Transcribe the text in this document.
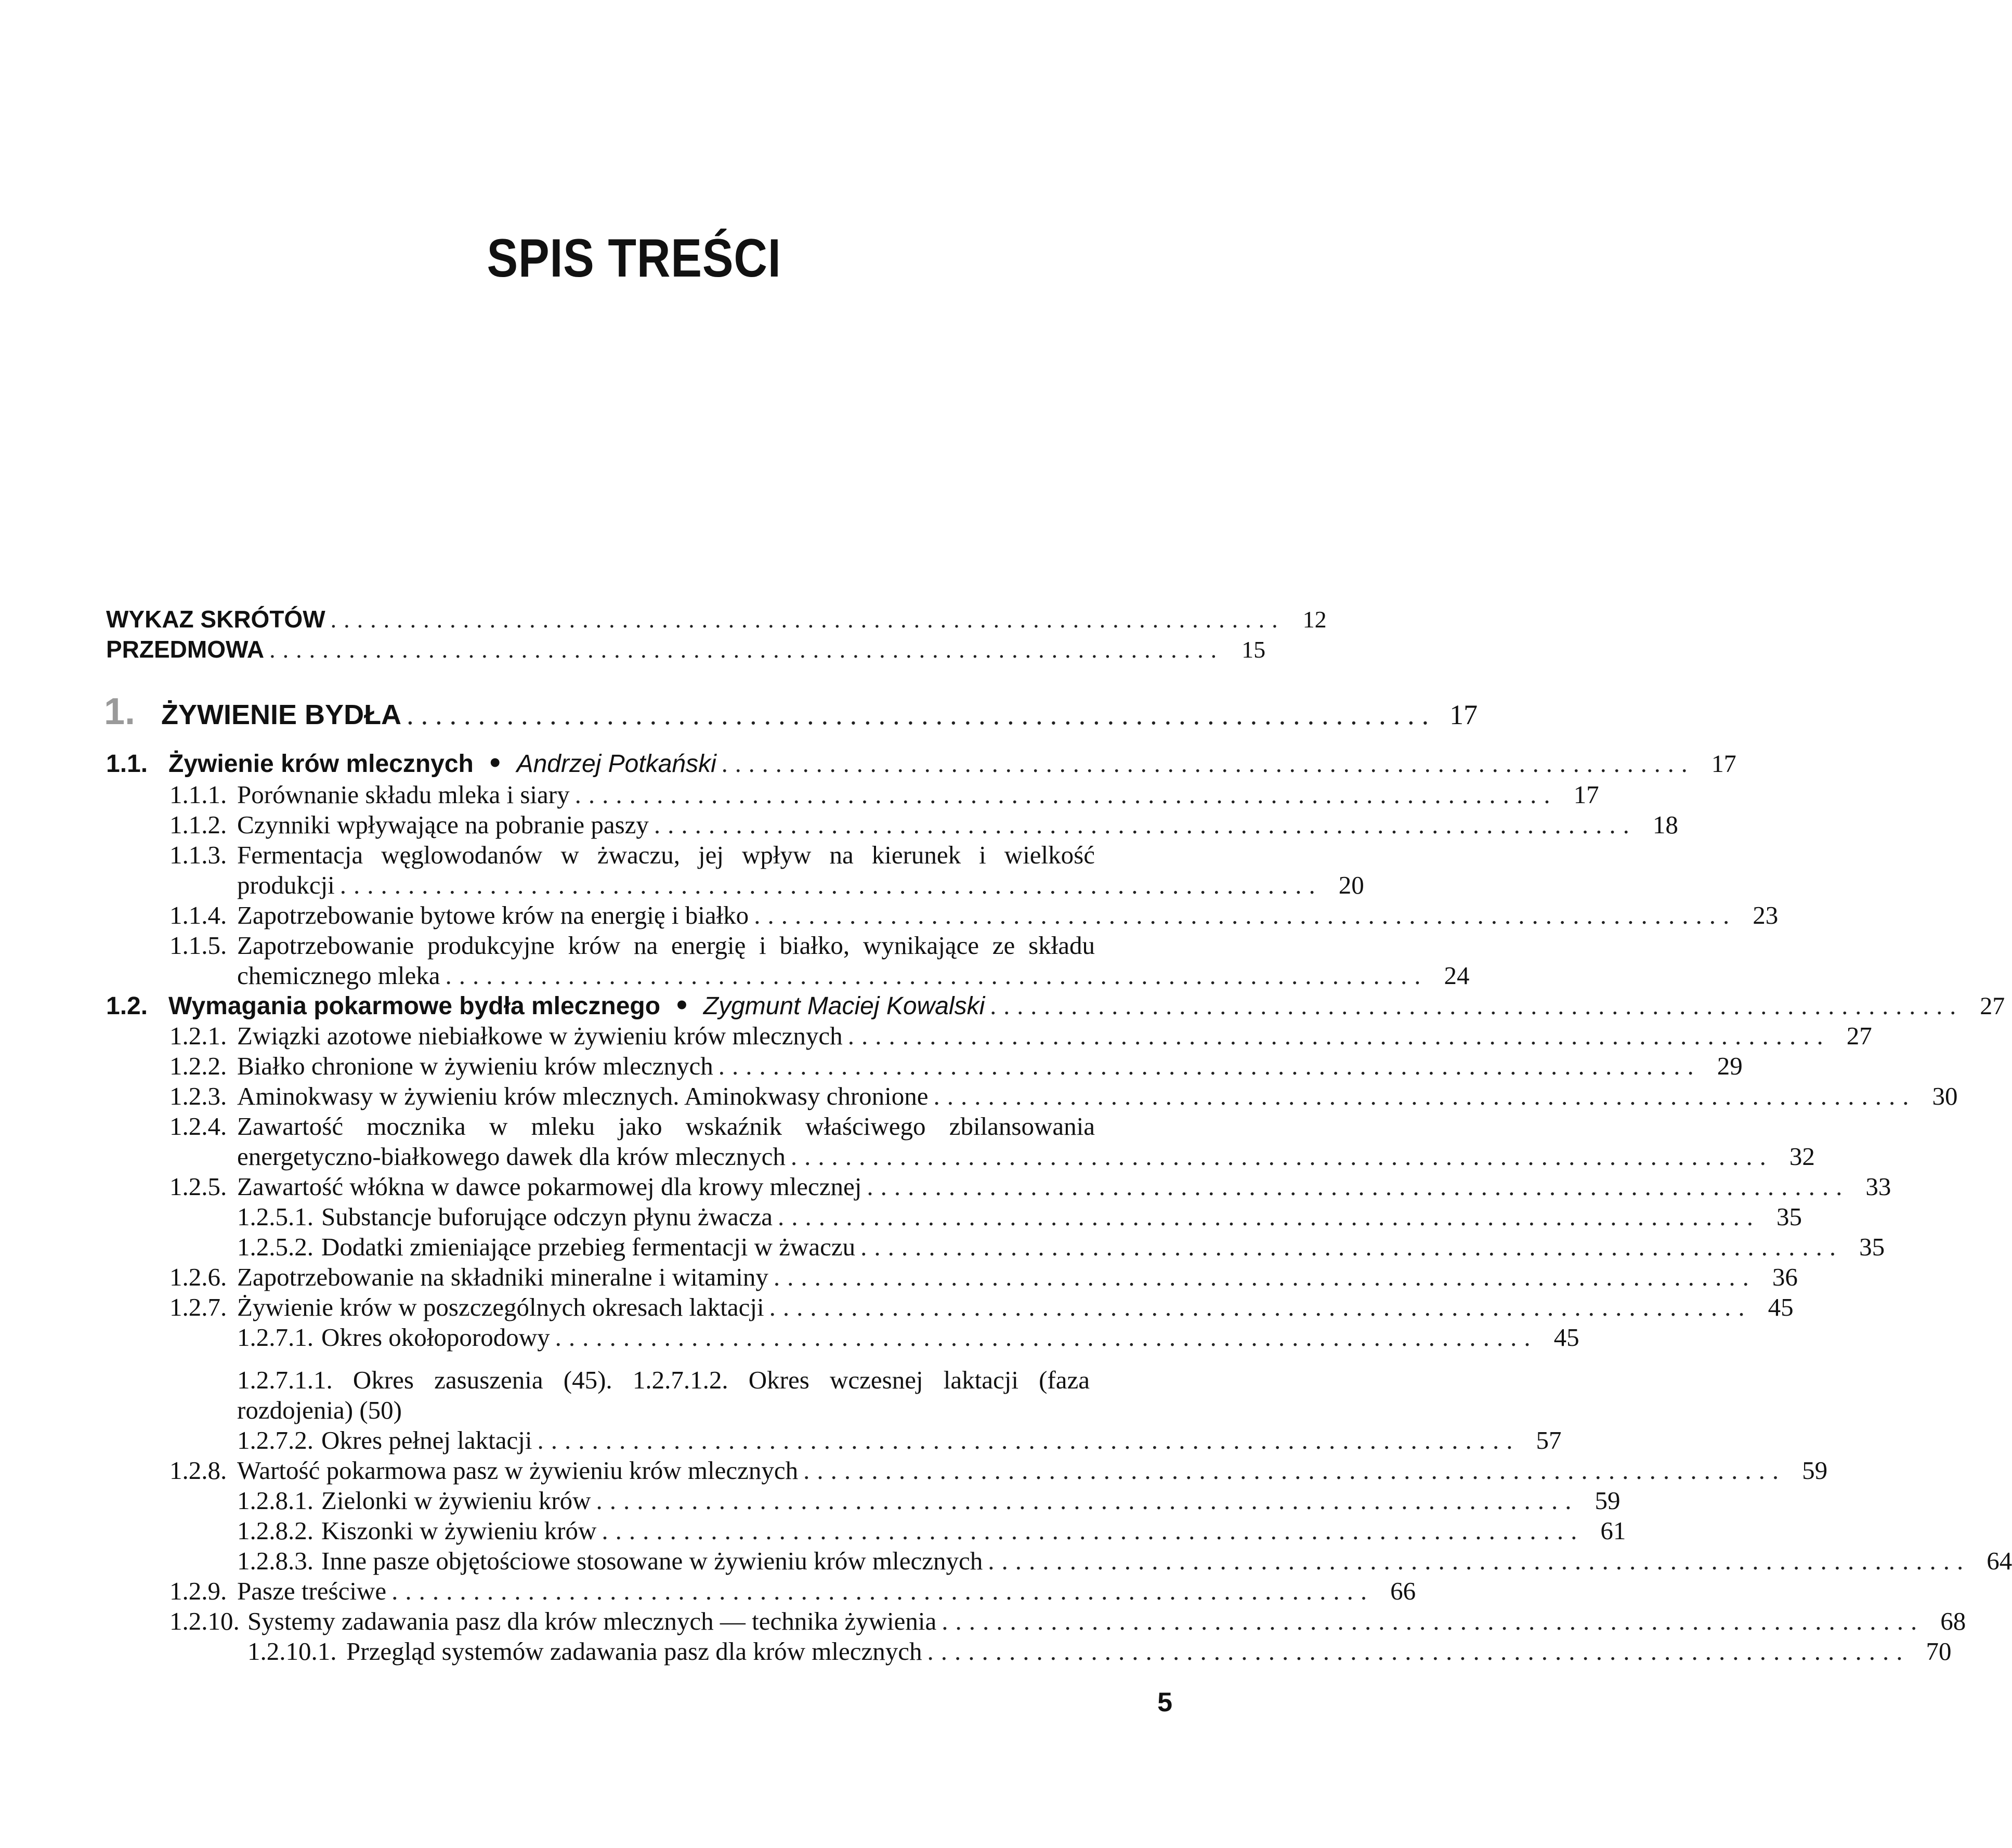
SPIS TREŚCI
WYKAZ SKRÓTÓW ........................................................................ 12
PRZEDMOWA ........................................................................ 15
1. ŻYWIENIE BYDŁA ........................................................................ 17
1.1. Żywienie krów mlecznych • Andrzej Potkański ........................................................................ 17
1.1.1. Porównanie składu mleka i siary ........................................................................ 17
1.1.2. Czynniki wpływające na pobranie paszy ........................................................................ 18
1.1.3. Fermentacja węglowodanów w żwaczu, jej wpływ na kierunek i wielkość
produkcji ........................................................................ 20
1.1.4. Zapotrzebowanie bytowe krów na energię i białko ........................................................................ 23
1.1.5. Zapotrzebowanie produkcyjne krów na energię i białko, wynikające ze składu
chemicznego mleka ........................................................................ 24
1.2. Wymagania pokarmowe bydła mlecznego • Zygmunt Maciej Kowalski ........................................................................ 27
1.2.1. Związki azotowe niebiałkowe w żywieniu krów mlecznych ........................................................................ 27
1.2.2. Białko chronione w żywieniu krów mlecznych ........................................................................ 29
1.2.3. Aminokwasy w żywieniu krów mlecznych. Aminokwasy chronione ........................................................................ 30
1.2.4. Zawartość mocznika w mleku jako wskaźnik właściwego zbilansowania
energetyczno-białkowego dawek dla krów mlecznych ........................................................................ 32
1.2.5. Zawartość włókna w dawce pokarmowej dla krowy mlecznej ........................................................................ 33
1.2.5.1. Substancje buforujące odczyn płynu żwacza ........................................................................ 35
1.2.5.2. Dodatki zmieniające przebieg fermentacji w żwaczu ........................................................................ 35
1.2.6. Zapotrzebowanie na składniki mineralne i witaminy ........................................................................ 36
1.2.7. Żywienie krów w poszczególnych okresach laktacji ........................................................................ 45
1.2.7.1. Okres okołoporodowy ........................................................................ 45
1.2.7.1.1. Okres zasuszenia (45). 1.2.7.1.2. Okres wczesnej laktacji (faza
rozdojenia) (50)
1.2.7.2. Okres pełnej laktacji ........................................................................ 57
1.2.8. Wartość pokarmowa pasz w żywieniu krów mlecznych ........................................................................ 59
1.2.8.1. Zielonki w żywieniu krów ........................................................................ 59
1.2.8.2. Kiszonki w żywieniu krów ........................................................................ 61
1.2.8.3. Inne pasze objętościowe stosowane w żywieniu krów mlecznych ........................................................................ 64
1.2.9. Pasze treściwe ........................................................................ 66
1.2.10. Systemy zadawania pasz dla krów mlecznych — technika żywienia ........................................................................ 68
1.2.10.1. Przegląd systemów zadawania pasz dla krów mlecznych ........................................................................ 70
5
